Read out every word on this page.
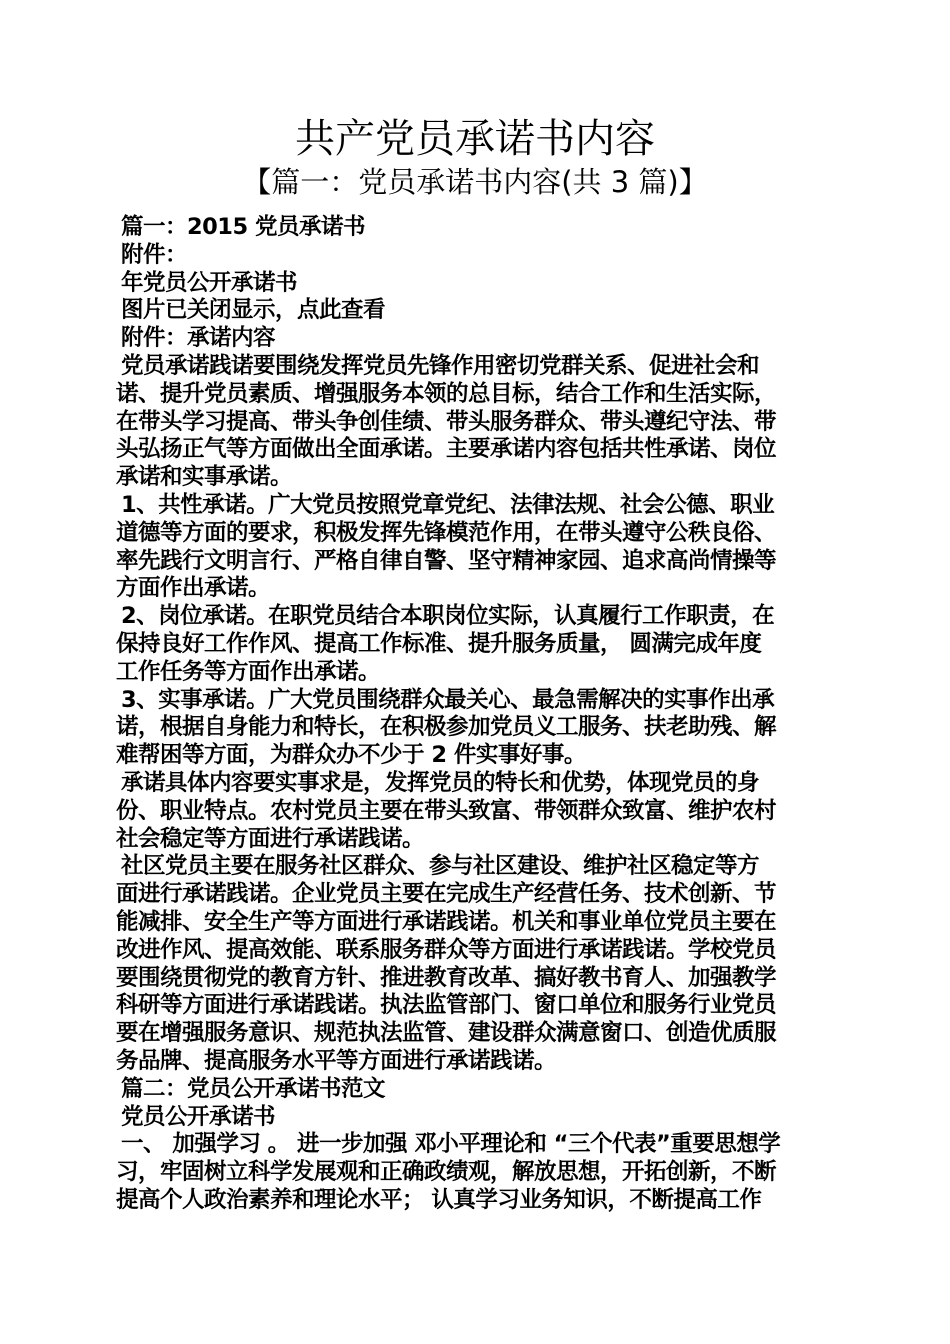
共产党员承诺书内容
【篇一：党员承诺书内容(共 3 篇)】
篇一：2015 党员承诺书
附件：
年党员公开承诺书
图片已关闭显示，点此查看
附件：承诺内容
党员承诺践诺要围绕发挥党员先锋作用密切党群关系、促进社会和
诺、提升党员素质、增强服务本领的总目标，结合工作和生活实际，
在带头学习提高、带头争创佳绩、带头服务群众、带头遵纪守法、带
头弘扬正气等方面做出全面承诺。主要承诺内容包括共性承诺、岗位
承诺和实事承诺。
1、共性承诺。广大党员按照党章党纪、法律法规、社会公德、职业
道德等方面的要求，积极发挥先锋模范作用，在带头遵守公秩良俗、
率先践行文明言行、严格自律自警、坚守精神家园、追求高尚情操等
方面作出承诺。
2、岗位承诺。在职党员结合本职岗位实际，认真履行工作职责，在
保持良好工作作风、提高工作标准、提升服务质量， 圆满完成年度
工作任务等方面作出承诺。
3、实事承诺。广大党员围绕群众最关心、最急需解决的实事作出承
诺，根据自身能力和特长，在积极参加党员义工服务、扶老助残、解
难帮困等方面，为群众办不少于 2 件实事好事。
承诺具体内容要实事求是，发挥党员的特长和优势，体现党员的身
份、职业特点。农村党员主要在带头致富、带领群众致富、维护农村
社会稳定等方面进行承诺践诺。
社区党员主要在服务社区群众、参与社区建设、维护社区稳定等方
面进行承诺践诺。企业党员主要在完成生产经营任务、技术创新、节
能减排、安全生产等方面进行承诺践诺。机关和事业单位党员主要在
改进作风、提高效能、联系服务群众等方面进行承诺践诺。学校党员
要围绕贯彻党的教育方针、推进教育改革、搞好教书育人、加强教学
科研等方面进行承诺践诺。执法监管部门、窗口单位和服务行业党员
要在增强服务意识、规范执法监管、建设群众满意窗口、创造优质服
务品牌、提高服务水平等方面进行承诺践诺。
篇二：党员公开承诺书范文
党员公开承诺书
一、 加强学习 。 进一步加强 邓小平理论和 “三个代表”重要思想学
习，牢固树立科学发展观和正确政绩观，解放思想，开拓创新，不断
提高个人政治素养和理论水平； 认真学习业务知识，不断提高工作
